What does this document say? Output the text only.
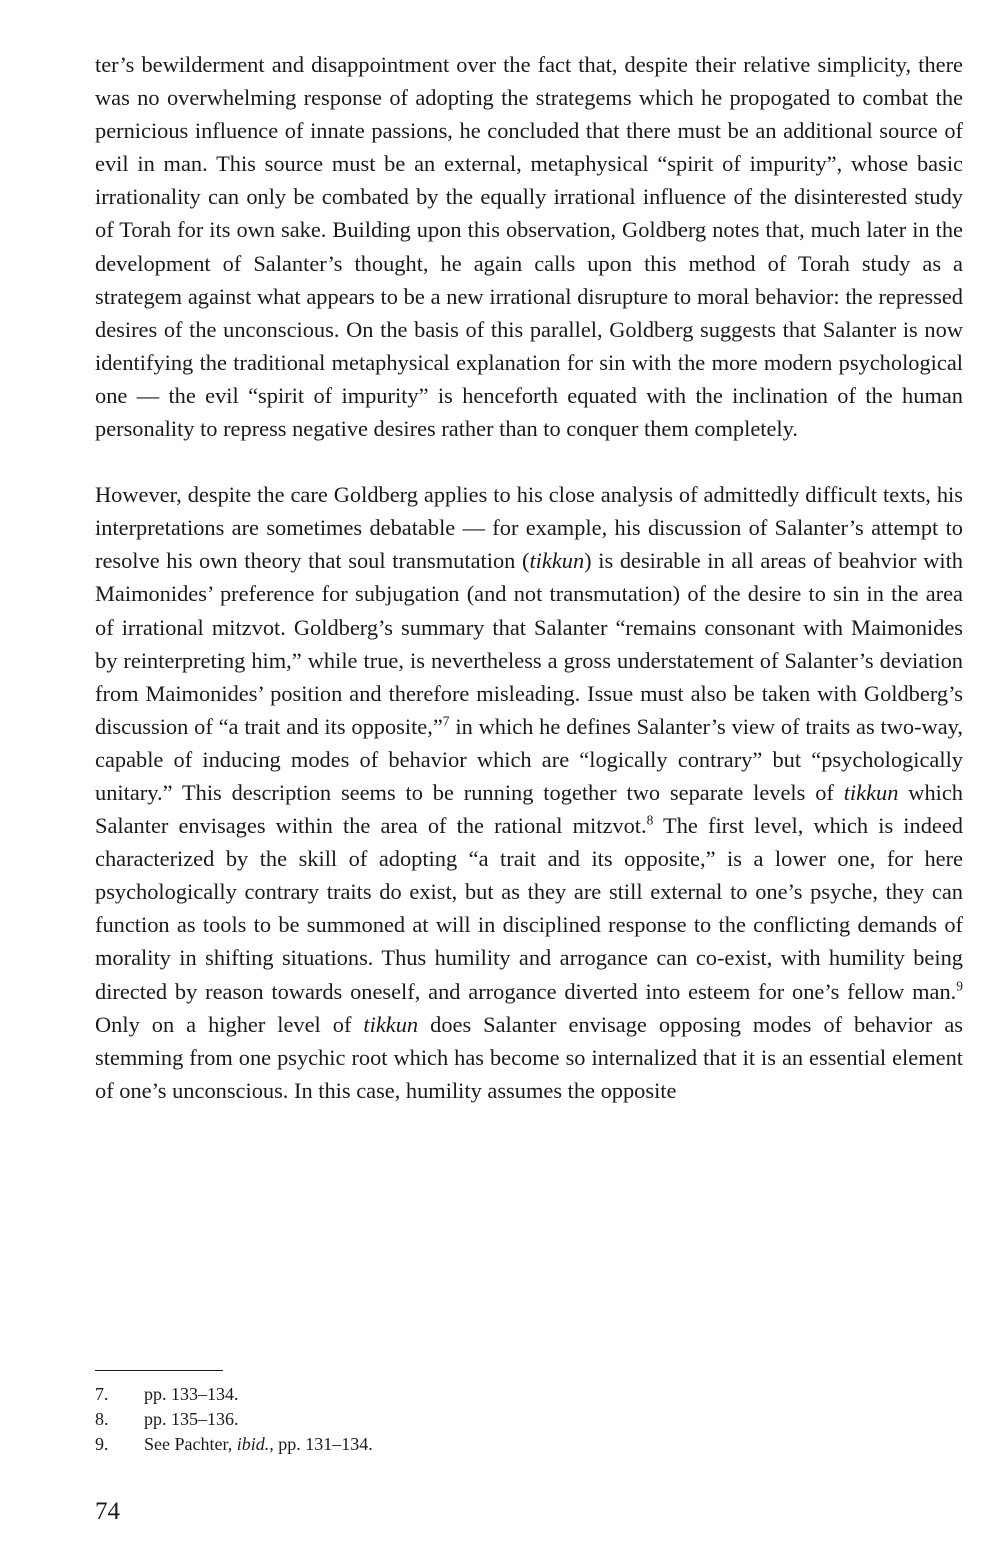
ter’s bewilderment and disappointment over the fact that, despite their relative simplicity, there was no overwhelming response of adopting the strategems which he propogated to combat the pernicious influence of innate passions, he concluded that there must be an additional source of evil in man. This source must be an external, metaphysical “spirit of impurity”, whose basic irrationality can only be combated by the equally irrational influence of the disinterested study of Torah for its own sake. Building upon this observation, Goldberg notes that, much later in the development of Salanter’s thought, he again calls upon this method of Torah study as a strategem against what appears to be a new irrational disrupture to moral behavior: the repressed desires of the unconscious. On the basis of this parallel, Goldberg suggests that Salanter is now identifying the traditional metaphysical explanation for sin with the more modern psychological one — the evil “spirit of impurity” is henceforth equated with the inclination of the human personality to repress negative desires rather than to conquer them completely.

However, despite the care Goldberg applies to his close analysis of admittedly difficult texts, his interpretations are sometimes debatable — for example, his discussion of Salanter’s attempt to resolve his own theory that soul transmutation (tikkun) is desirable in all areas of beahvior with Maimonides’ preference for subjugation (and not transmutation) of the desire to sin in the area of irrational mitzvot. Goldberg’s summary that Salanter “remains consonant with Maimonides by reinterpreting him,” while true, is nevertheless a gross understatement of Salanter’s deviation from Maimonides’ position and therefore misleading. Issue must also be taken with Goldberg’s discussion of “a trait and its opposite,”$^7$ in which he defines Salanter’s view of traits as two-way, capable of inducing modes of behavior which are “logically contrary” but “psychologically unitary.” This description seems to be running together two separate levels of tikkun which Salanter envisages within the area of the rational mitzvot.$^8$ The first level, which is indeed characterized by the skill of adopting “a trait and its opposite,” is a lower one, for here psychologically contrary traits do exist, but as they are still external to one’s psyche, they can function as tools to be summoned at will in disciplined response to the conflicting demands of morality in shifting situations. Thus humility and arrogance can co-exist, with humility being directed by reason towards oneself, and arrogance diverted into esteem for one’s fellow man.$^9$ Only on a higher level of tikkun does Salanter envisage opposing modes of behavior as stemming from one psychic root which has become so internalized that it is an essential element of one’s unconscious. In this case, humility assumes the opposite

7.	pp. 133–134.
8.	pp. 135–136.
9.	See Pachter, ibid., pp. 131–134.
74
